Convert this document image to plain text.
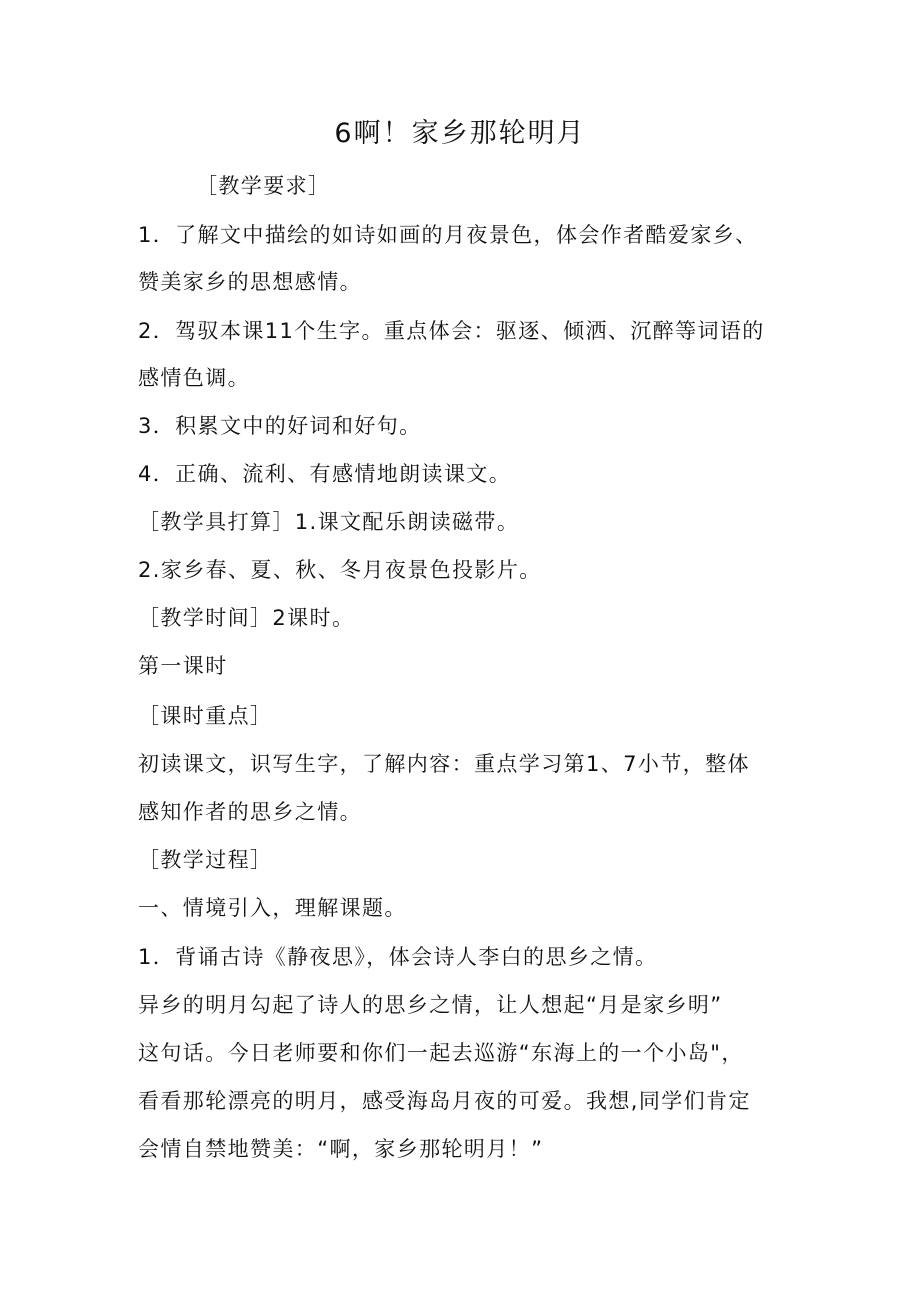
6啊！家乡那轮明月
［教学要求］
1．了解文中描绘的如诗如画的月夜景色，体会作者酷爱家乡、
赞美家乡的思想感情。
2．驾驭本课11个生字。重点体会：驱逐、倾洒、沉醉等词语的
感情色调。
3．积累文中的好词和好句。
4．正确、流利、有感情地朗读课文。
［教学具打算］1.课文配乐朗读磁带。
2.家乡春、夏、秋、冬月夜景色投影片。
［教学时间］2课时。
第一课时
［课时重点］
初读课文，识写生字，了解内容：重点学习第1、7小节，整体
感知作者的思乡之情。
［教学过程］
一、情境引入，理解课题。
1．背诵古诗《静夜思》，体会诗人李白的思乡之情。
异乡的明月勾起了诗人的思乡之情，让人想起“月是家乡明”
这句话。今日老师要和你们一起去巡游“东海上的一个小岛"，
看看那轮漂亮的明月，感受海岛月夜的可爱。我想,同学们肯定
会情自禁地赞美：“啊，家乡那轮明月！”
